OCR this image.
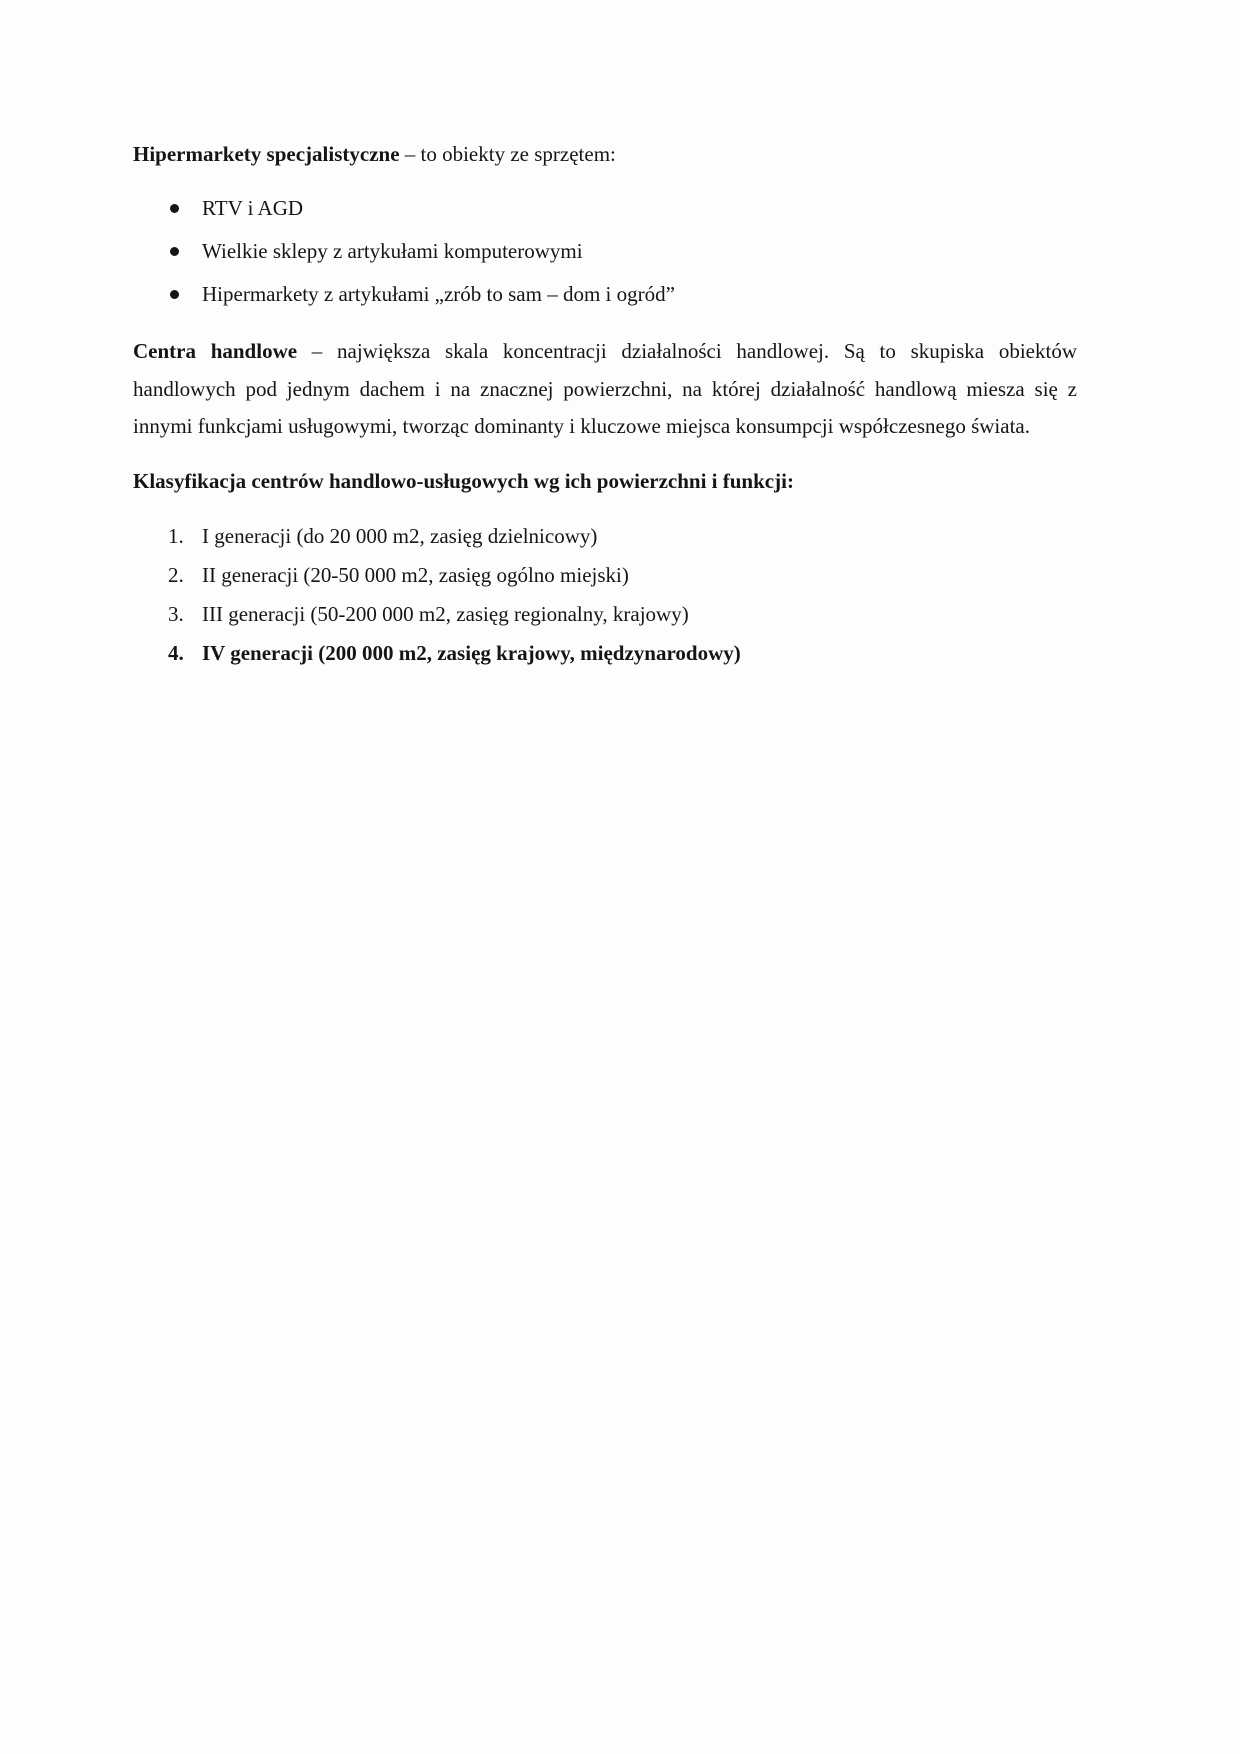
Hipermarkety specjalistyczne – to obiekty ze sprzętem:

RTV i AGD
Wielkie sklepy z artykułami komputerowymi
Hipermarkety z artykułami „zrób to sam – dom i ogród”

Centra handlowe – największa skala koncentracji działalności handlowej. Są to skupiska obiektów handlowych pod jednym dachem i na znacznej powierzchni, na której działalność handlową miesza się z innymi funkcjami usługowymi, tworząc dominanty i kluczowe miejsca konsumpcji współczesnego świata.

Klasyfikacja centrów handlowo-usługowych wg ich powierzchni i funkcji:

1. I generacji (do 20 000 m2, zasięg dzielnicowy)
2. II generacji (20-50 000 m2, zasięg ogólno miejski)
3. III generacji (50-200 000 m2, zasięg regionalny, krajowy)
4. IV generacji (200 000 m2, zasięg krajowy, międzynarodowy)
